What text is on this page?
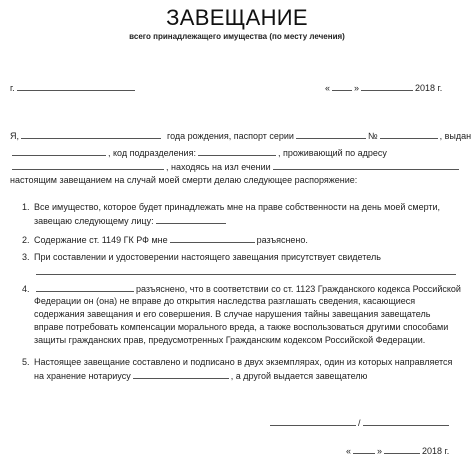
ЗАВЕЩАНИЕ
всего принадлежащего имущества (по месту лечения)
г.	«	»	2018 г.
Я,	года рождения, паспорт серии	№	, выдан
, код подразделения:	, проживающий по адресу
, находясь на изл ечении
настоящим завещанием на случай моей смерти делаю следующее распоряжение:
1. Все имущество, которое будет принадлежать мне на праве собственности на день моей смерти,
завещаю следующему лицу:
2. Содержание ст. 1149 ГК РФ мне	разъяснено.
3. При составлении и удостоверении настоящего завещания присутствует свидетель
4.	разъяснено, что в соответствии со ст. 1123 Гражданского кодекса Российской
Федерации он (она) не вправе до открытия наследства разглашать сведения, касающиеся
содержания завещания и его совершения. В случае нарушения тайны завещания завещатель
вправе потребовать компенсации морального вреда, а также воспользоваться другими способами
защиты гражданских прав, предусмотренных Гражданским кодексом Российской Федерации.
5. Настоящее завещание составлено и подписано в двух экземплярах, один из которых направляется
на хранение нотариусу	, а другой выдается завещателю
/
«	»	2018 г.
